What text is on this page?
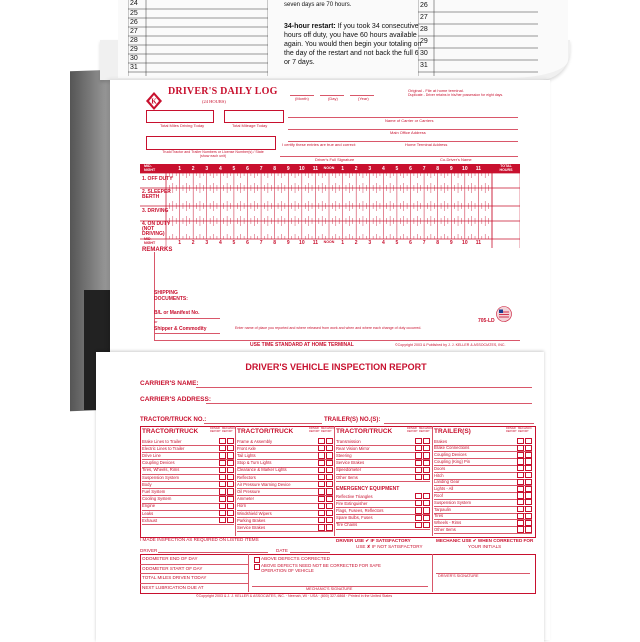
24
25
26
27
28
29
30
31
seven days are 70 hours.
34-hour restart: If you took 34 consecutive hours off duty, you have 60 hours available again. You would then begin your totaling on the day of the restart and not back the full 6 or 7 days.
26
27
28
29
30
31
K
DRIVER'S DAILY LOG
(24 HOURS)
(Month)	(Day)	(Year)
Original - File at home terminal.
Duplicate - Driver retains in his/her possession for eight days.
Total Miles Driving Today	Total Mileage Today
Name of Carrier or Carriers
Main Office Address
I certify these entries are true and correct:	Home Terminal Address
Truck/Tractor and Trailer Numbers or License Number(s) / State (show each unit)
Driver's Full Signature	Co-Driver's Name
MID-NIGHT
TOTAL HOURS
1. OFF DUTY
2. SLEEPER BERTH
3. DRIVING
4. ON DUTY (NOT DRIVING)
MID-NIGHT
REMARKS
SHIPPING DOCUMENTS:
B/L or Manifest No.
or
Shipper & Commodity	Enter name of place you reported and where released from work and when and where each change of duty occurred.
705-LD
USE TIME STANDARD AT HOME TERMINAL	©Copyright 2003 & Published by J. J. KELLER & ASSOCIATES, INC.
1
1
2
2
3
3
4
4
5
5
6
6
7
7
8
8
9
9
10
10
11
11
NOON
NOON
1
1
2
2
3
3
4
4
5
5
6
6
7
7
8
8
9
9
10
10
11
11
DRIVER'S VEHICLE INSPECTION REPORT
CARRIER'S NAME:
CARRIER'S ADDRESS:
TRACTOR/TRUCK NO.:	TRAILER(S) NO.(S):
TRACTOR/TRUCK	DRIVER REPORT
MECHANIC REPORT
Brake Lines to Trailer
Electric Lines to Trailer
Drive Line
Coupling Devices
Tires, Wheels, Rims
Suspension System
Body
Fuel System
Cooling System
Engine
Leaks
Exhaust
TRACTOR/TRUCK	DRIVER REPORT
MECHANIC REPORT
Frame & Assembly
Front Axle
Tail Lights
Stop & Turn Lights
Clearance & Marker Lights
Reflectors
Air Pressure Warning Device
Oil Pressure
Ammeter
Horn
Windshield Wipers
Parking Brakes
Service Brakes
TRACTOR/TRUCK	DRIVER REPORT
MECHANIC REPORT
Transmission
Rear Vision Mirror
Steering
Service Brakes
Speedometer
Other Items
EMERGENCY EQUIPMENT
Reflective Triangles
Fire Extinguisher
Flags, Fusees, Reflectors
Spare Bulbs, Fuses
Tire Chains
TRAILER(S)	DRIVER REPORT
MECHANIC REPORT
Brakes
Brake Connections
Coupling Devices
Coupling (King) Pin
Doors
Hitch
Landing Gear
Lights - All
Roof
Suspension System
Tarpaulin
Tires
Wheels - Rims
Other Items
I MADE INSPECTION AS REQUIRED ON LISTED ITEMS
DRIVER	DATE
DRIVER USE ✔ IF SATISFACTORY
USE ✘ IF NOT SATISFACTORY
MECHANIC USE ✔ WHEN CORRECTED FOR
YOUR INITIALS
ODOMETER END OF DAY
ODOMETER START OF DAY
TOTAL MILES DRIVEN TODAY
NEXT LUBRICATION DUE AT
ABOVE DEFECTS CORRECTED
ABOVE DEFECTS NEED NOT BE CORRECTED FOR SAFE OPERATION OF VEHICLE
MECHANIC'S SIGNATURE
DRIVER'S SIGNATURE
©Copyright 2003 & J. J. KELLER & ASSOCIATES, INC. · Neenah, WI · USA · (800) 327-6868 · Printed in the United States
